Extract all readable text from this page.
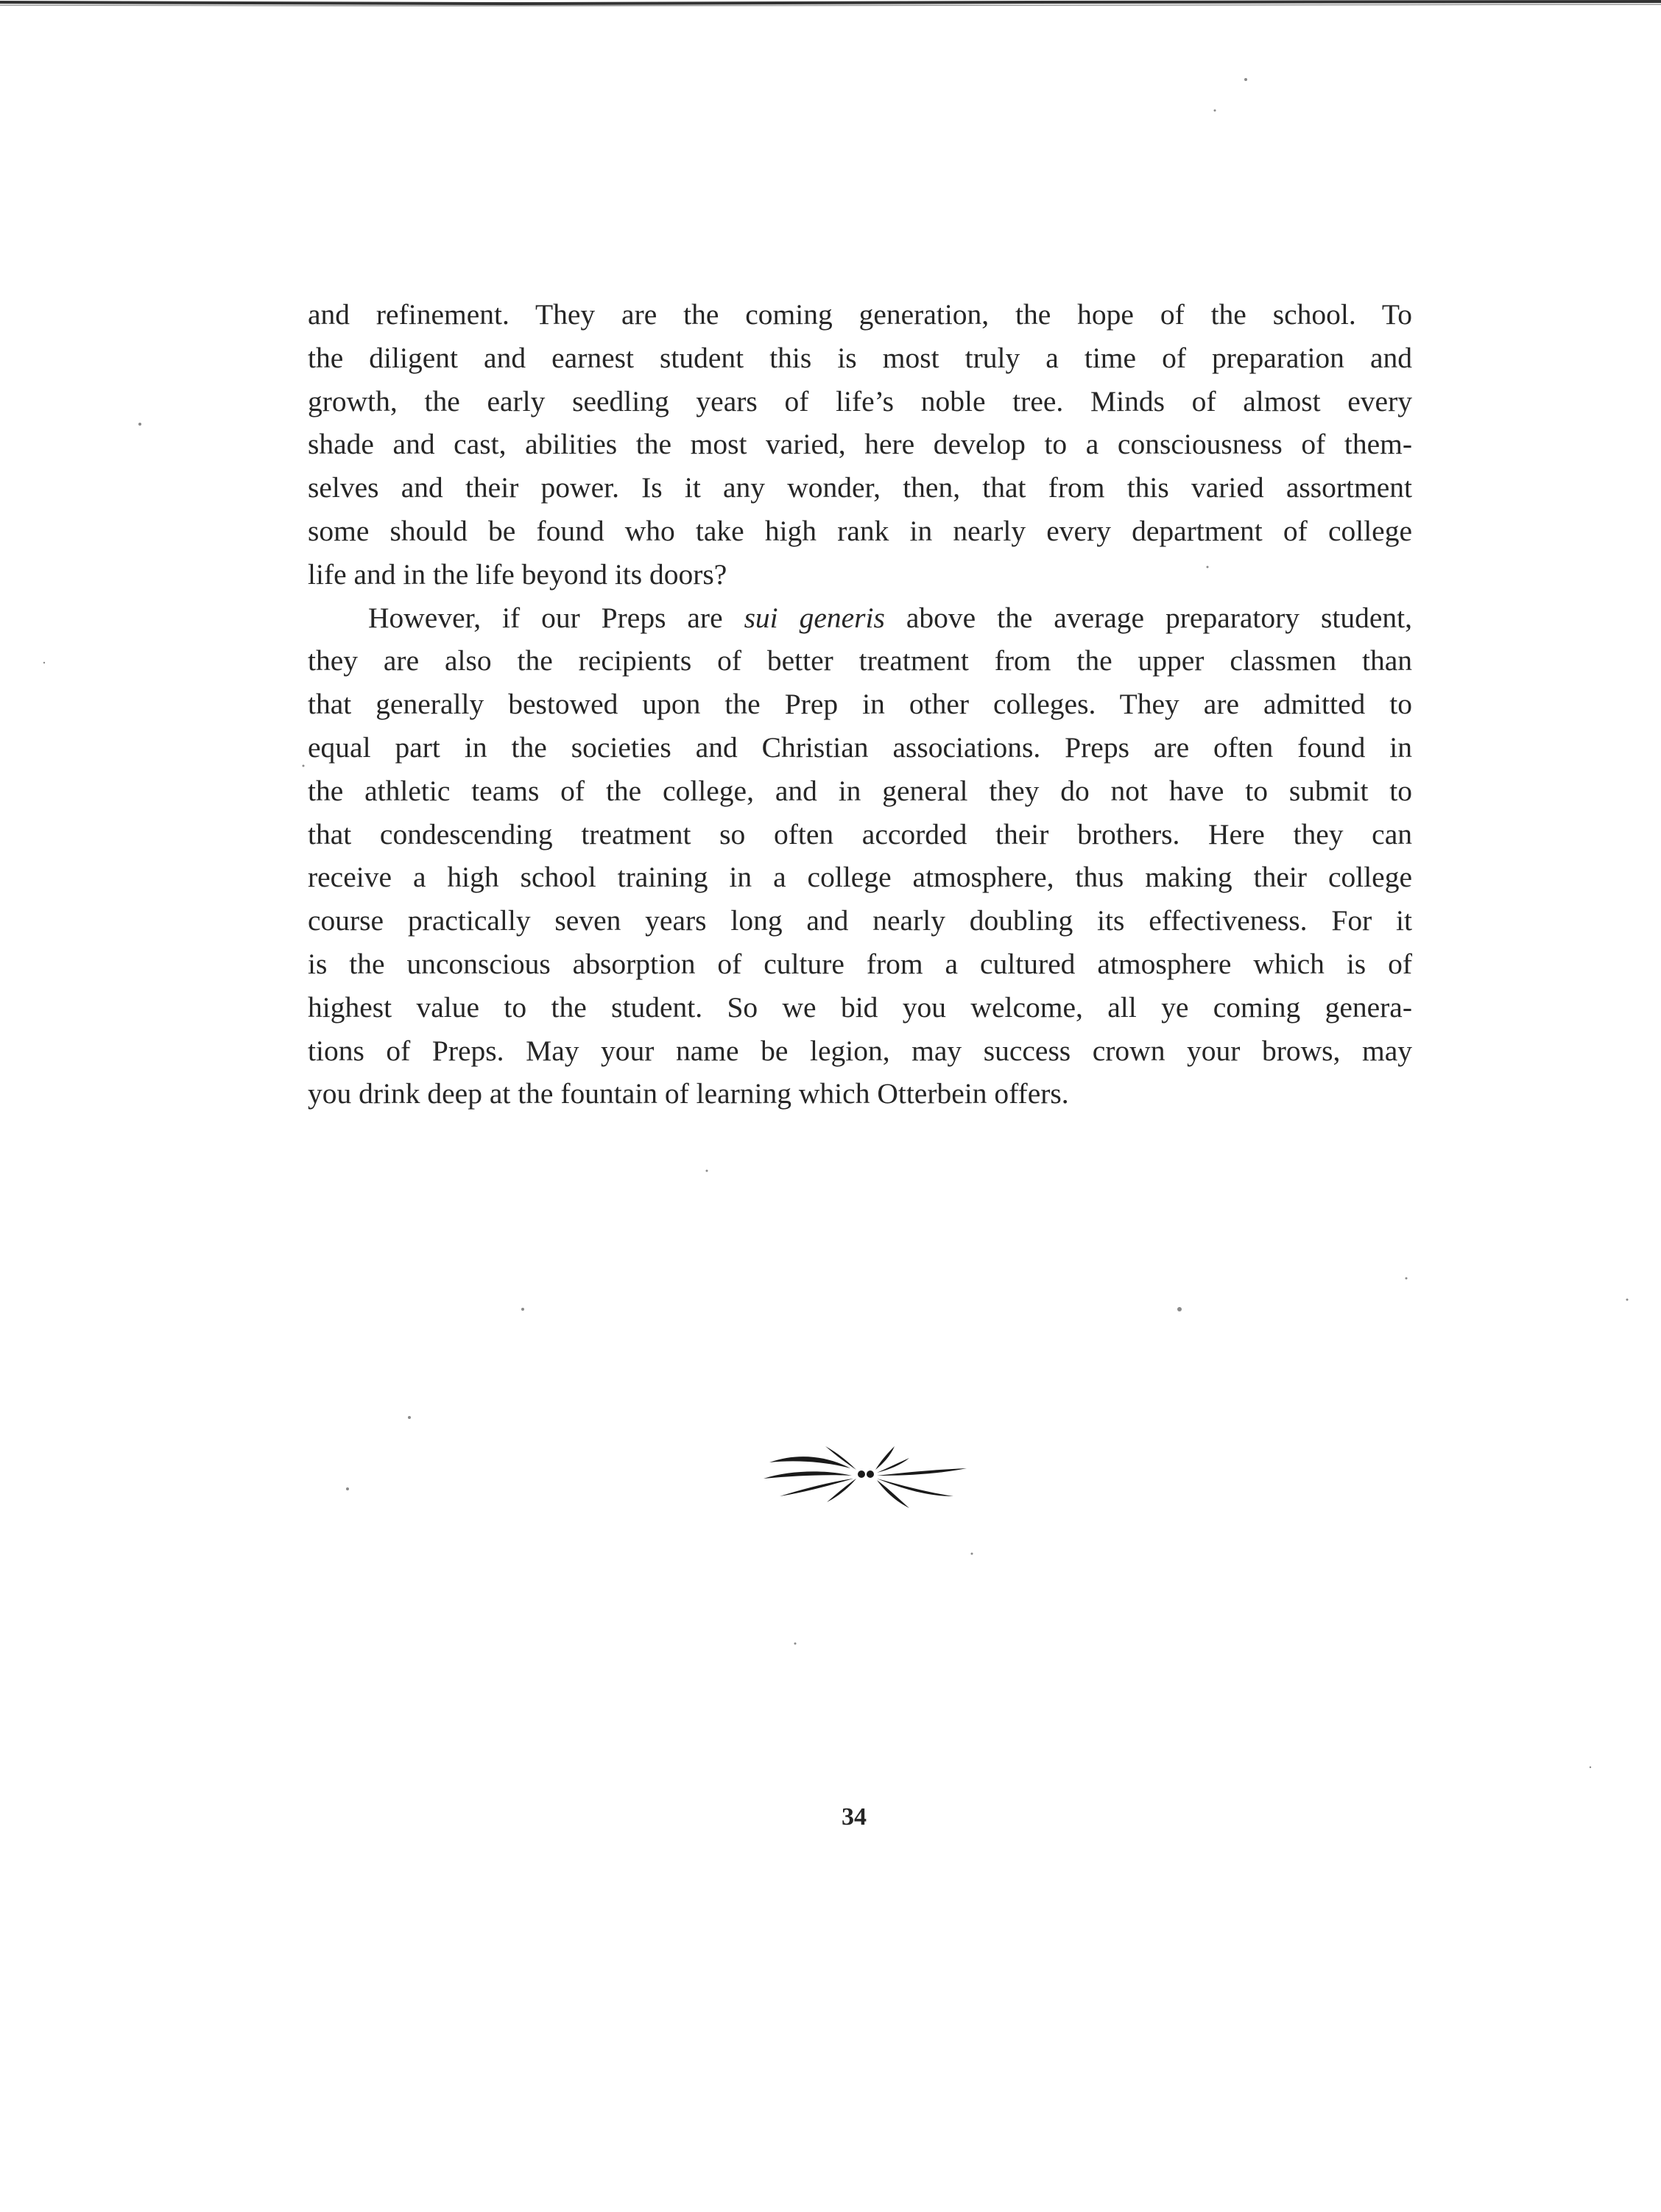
and refinement. They are the coming generation, the hope of the school. To
the diligent and earnest student this is most truly a time of preparation and
growth, the early seedling years of life’s noble tree. Minds of almost every
shade and cast, abilities the most varied, here develop to a consciousness of them-
selves and their power. Is it any wonder, then, that from this varied assortment
some should be found who take high rank in nearly every department of college
life and in the life beyond its doors?
However, if our Preps are sui generis above the average preparatory student,
they are also the recipients of better treatment from the upper classmen than
that generally bestowed upon the Prep in other colleges. They are admitted to
equal part in the societies and Christian associations. Preps are often found in
the athletic teams of the college, and in general they do not have to submit to
that condescending treatment so often accorded their brothers. Here they can
receive a high school training in a college atmosphere, thus making their college
course practically seven years long and nearly doubling its effectiveness. For it
is the unconscious absorption of culture from a cultured atmosphere which is of
highest value to the student. So we bid you welcome, all ye coming genera-
tions of Preps. May your name be legion, may success crown your brows, may
you drink deep at the fountain of learning which Otterbein offers.
34
